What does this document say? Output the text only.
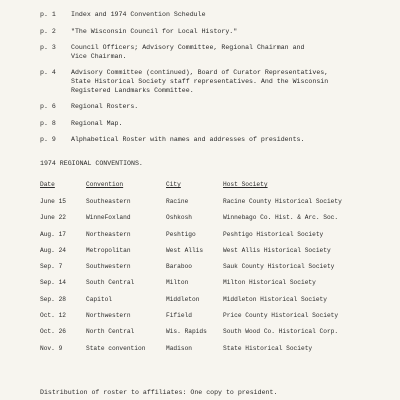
p. 1	Index and 1974 Convention Schedule
p. 2	"The Wisconsin Council for Local History."
p. 3	Council Officers; Advisory Committee, Regional Chairman and
Vice Chairman.
p. 4	Advisory Committee (continued), Board of Curator Representatives,
State Historical Society staff representatives. And the Wisconsin
Registered Landmarks Committee.
p. 6	Regional Rosters.
p. 8	Regional Map.
p. 9	Alphabetical Roster with names and addresses of presidents.
1974 REGIONAL CONVENTIONS.
Date	Convention	City	Host Society
June 15	Southeastern	Racine	Racine County Historical Society
June 22	WinneFoxland	Oshkosh	Winnebago Co. Hist. & Arc. Soc.
Aug. 17	Northeastern	Peshtigo	Peshtigo Historical Society
Aug. 24	Metropolitan	West Allis	West Allis Historical Society
Sep. 7	Southwestern	Baraboo	Sauk County Historical Society
Sep. 14	South Central	Milton	Milton Historical Society
Sep. 28	Capitol	Middleton	Middleton Historical Society
Oct. 12	Northwestern	Fifield	Price County Historical Society
Oct. 26	North Central	Wis. Rapids	South Wood Co. Historical Corp.
Nov. 9	State convention	Madison	State Historical Society
Distribution of roster to affiliates: One copy to president.
